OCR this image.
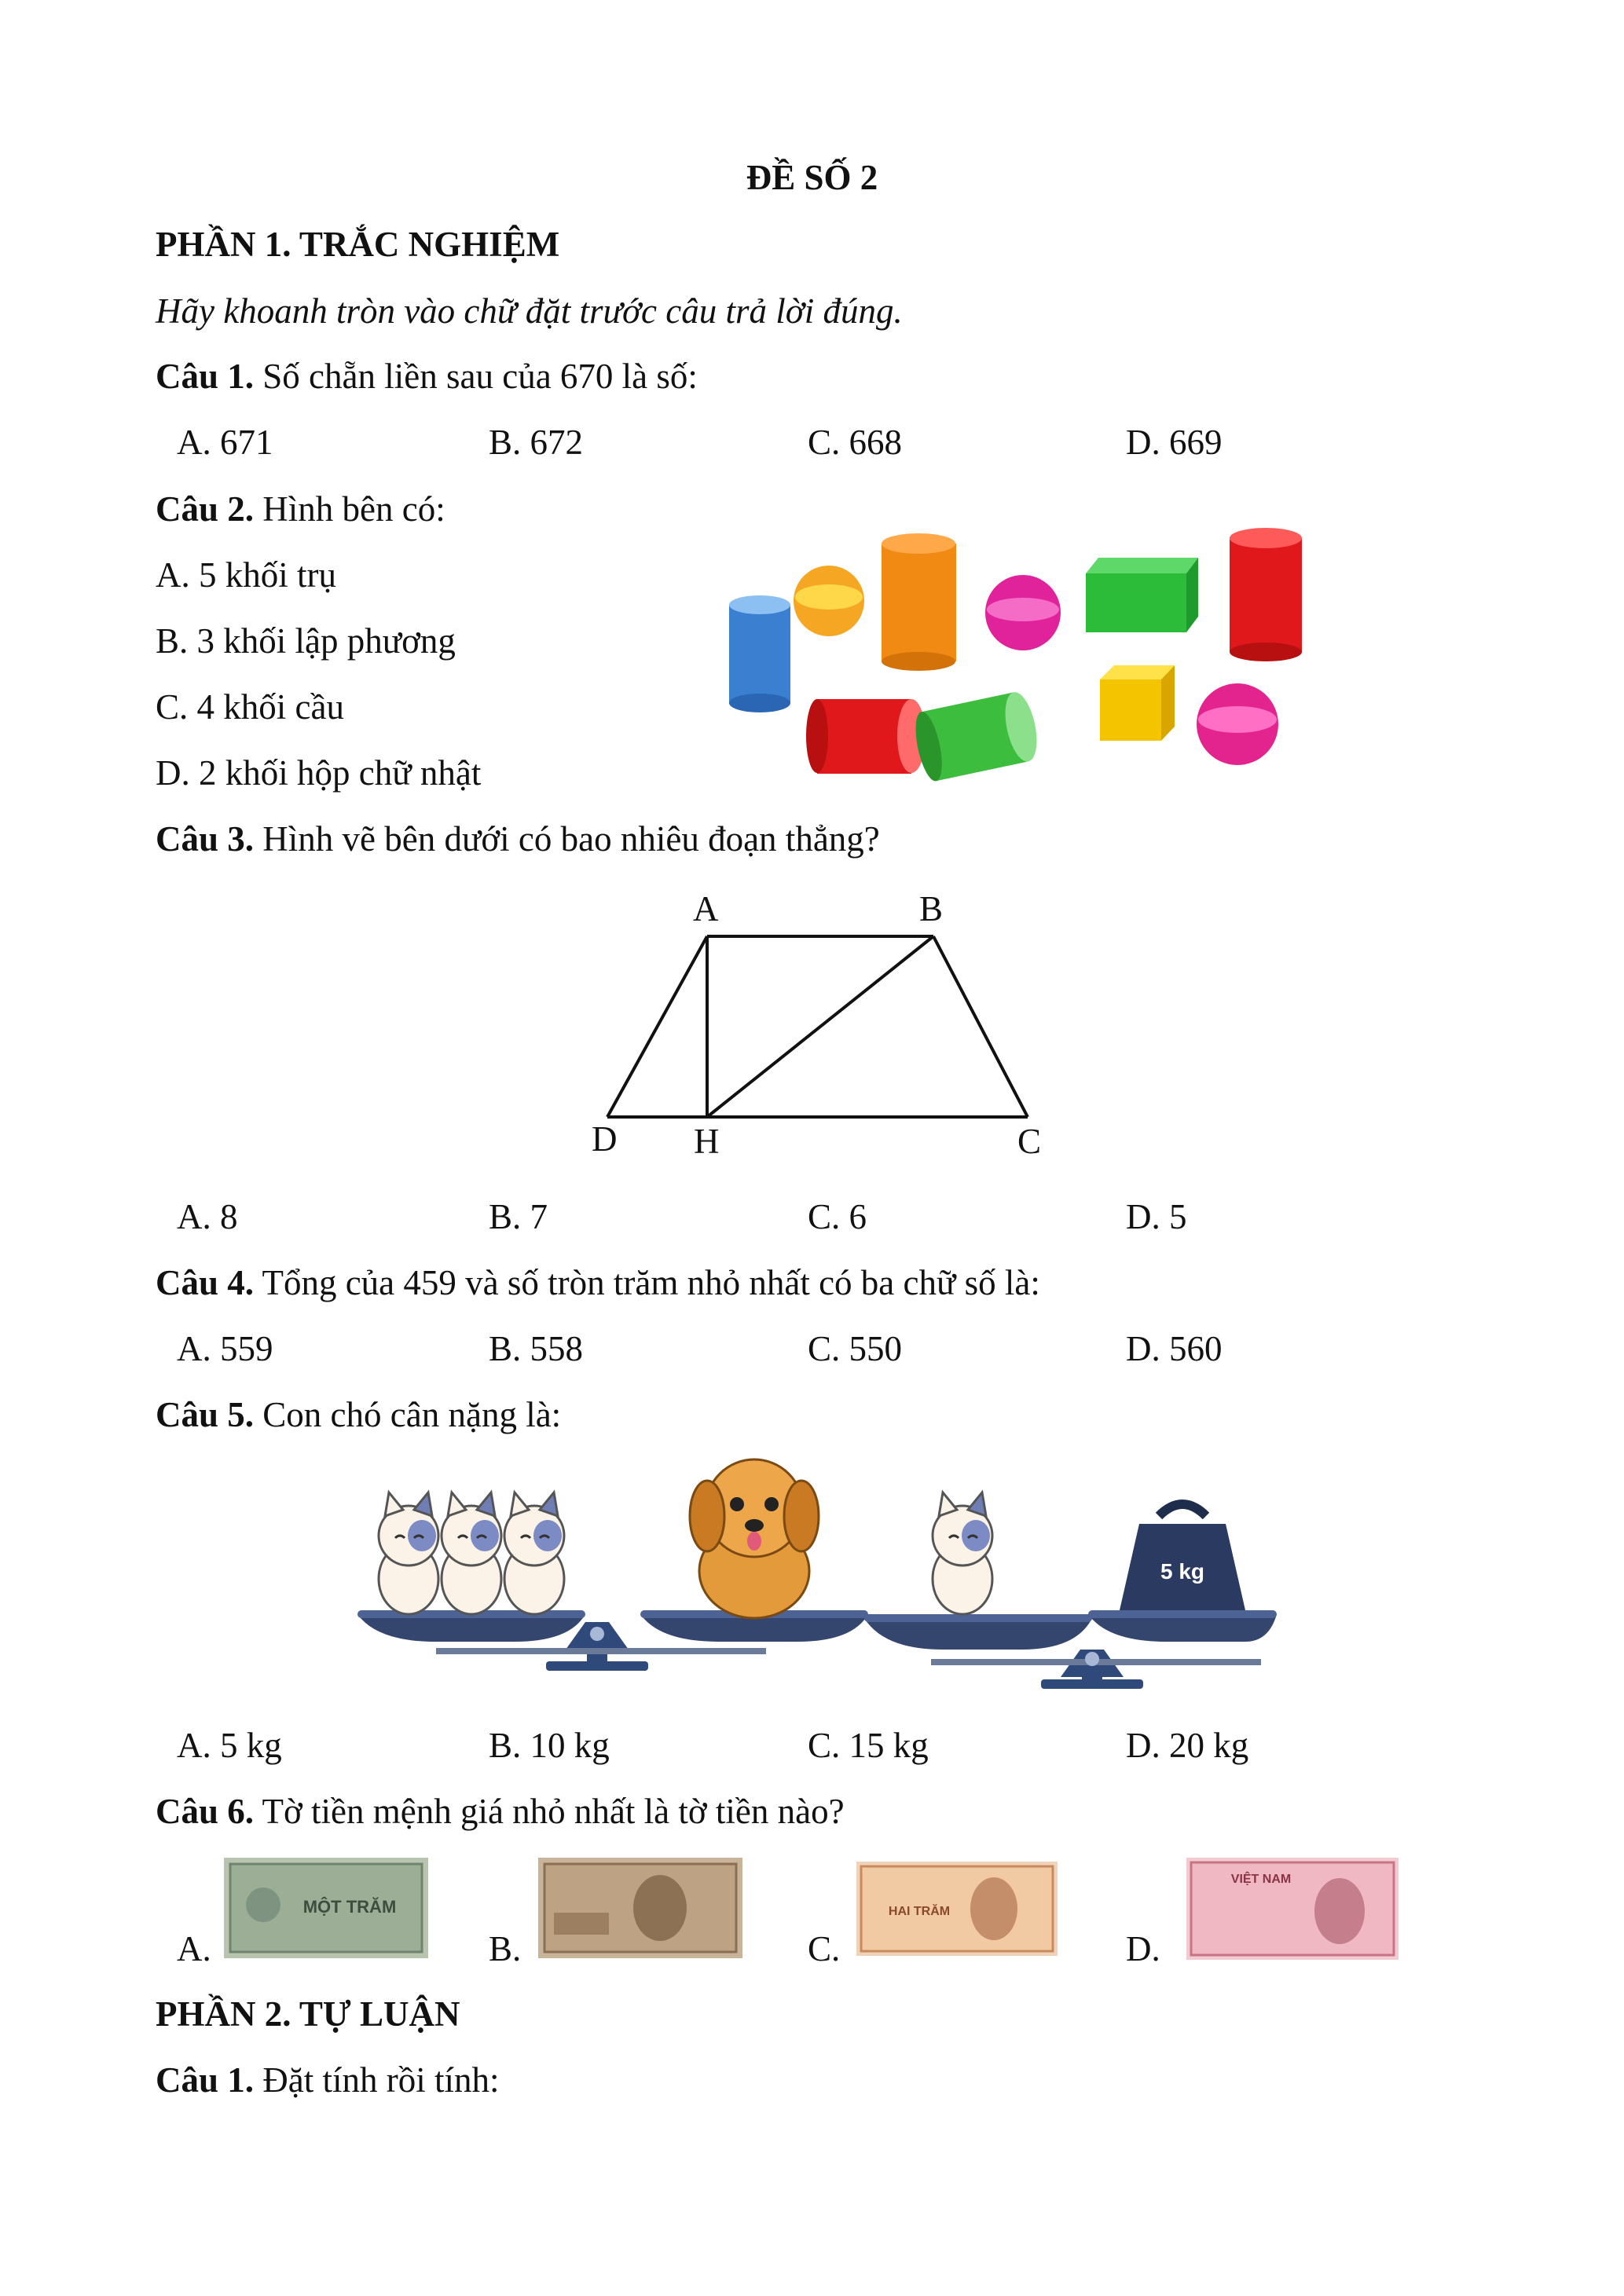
ĐỀ SỐ 2
PHẦN 1. TRẮC NGHIỆM
Hãy khoanh tròn vào chữ đặt trước câu trả lời đúng.
Câu 1. Số chẵn liền sau của 670 là số:
A. 671	B. 672	C. 668	D. 669
Câu 2. Hình bên có:
A. 5 khối trụ
B. 3 khối lập phương
C. 4 khối cầu
D. 2 khối hộp chữ nhật
Câu 3. Hình vẽ bên dưới có bao nhiêu đoạn thẳng?
A	B
D H	C
A. 8	B. 7	C. 6	D. 5
Câu 4. Tổng của 459 và số tròn trăm nhỏ nhất có ba chữ số là:
A. 559	B. 558	C. 550	D. 560
Câu 5. Con chó cân nặng là:
5 kg
A. 5 kg	B. 10 kg	C. 15 kg	D. 20 kg
Câu 6. Tờ tiền mệnh giá nhỏ nhất là tờ tiền nào?
A.	B.	C.	D.
MỘT TRĂM	HAI TRĂM
VIỆT NAM
PHẦN 2. TỰ LUẬN
Câu 1. Đặt tính rồi tính:
